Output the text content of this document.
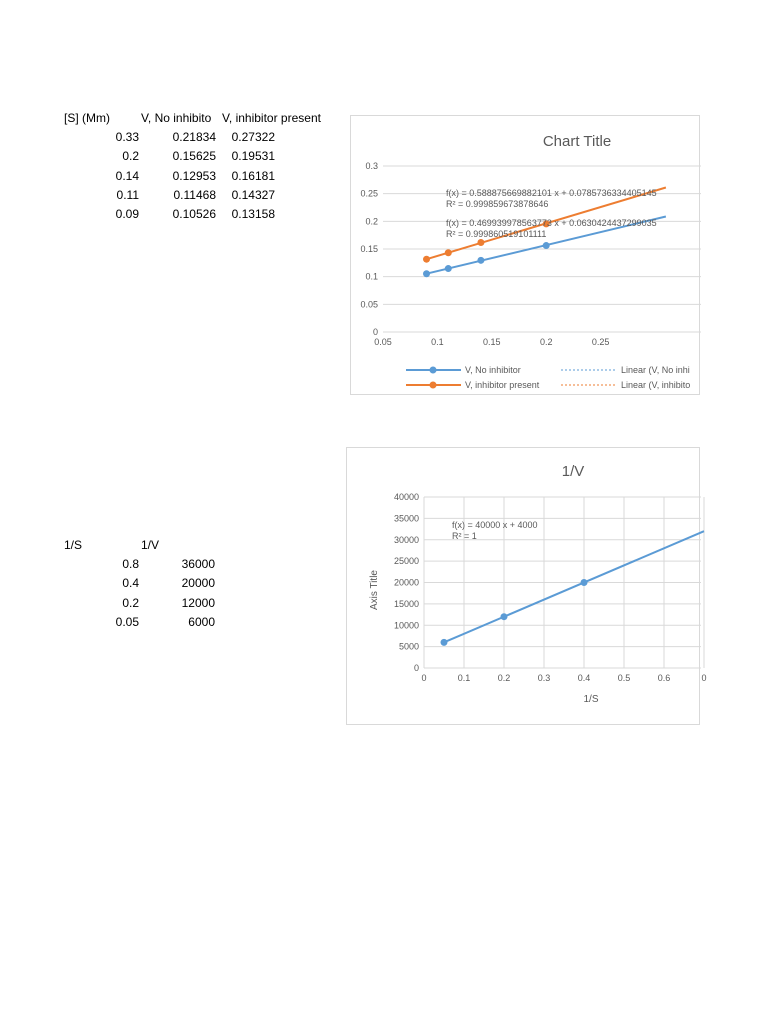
[S] (Mm)	V, No inhibito V, inhibitor present
0.33	0.21834 0.27322
0.2	0.15625 0.19531
0.14	0.12953 0.16181
0.11	0.11468 0.14327
0.09	0.10526 0.13158
1/S	1/V
0.8	36000
0.4	20000
0.2	12000
0.05	6000
Chart Title
0
0.05
0.1
0.15
0.2
0.25
0.3
0.05	0.1	0.15	0.2	0.25
f(x) = 0.588875669882101 x + 0.0785736334405145
R² = 0.999859673878646
f(x) = 0.469939978563773 x + 0.0630424437299035
R² = 0.999860519101111
V, No inhibitor
V, inhibitor present
Linear (V, No inhi
Linear (V, inhibito
1/V
0
5000
10000
15000
20000
25000
30000
35000
40000
0	0.1	0.2	0.3	0.4	0.5	0.6	0
Axis Title
1/S
f(x) = 40000 x + 4000
R² = 1
